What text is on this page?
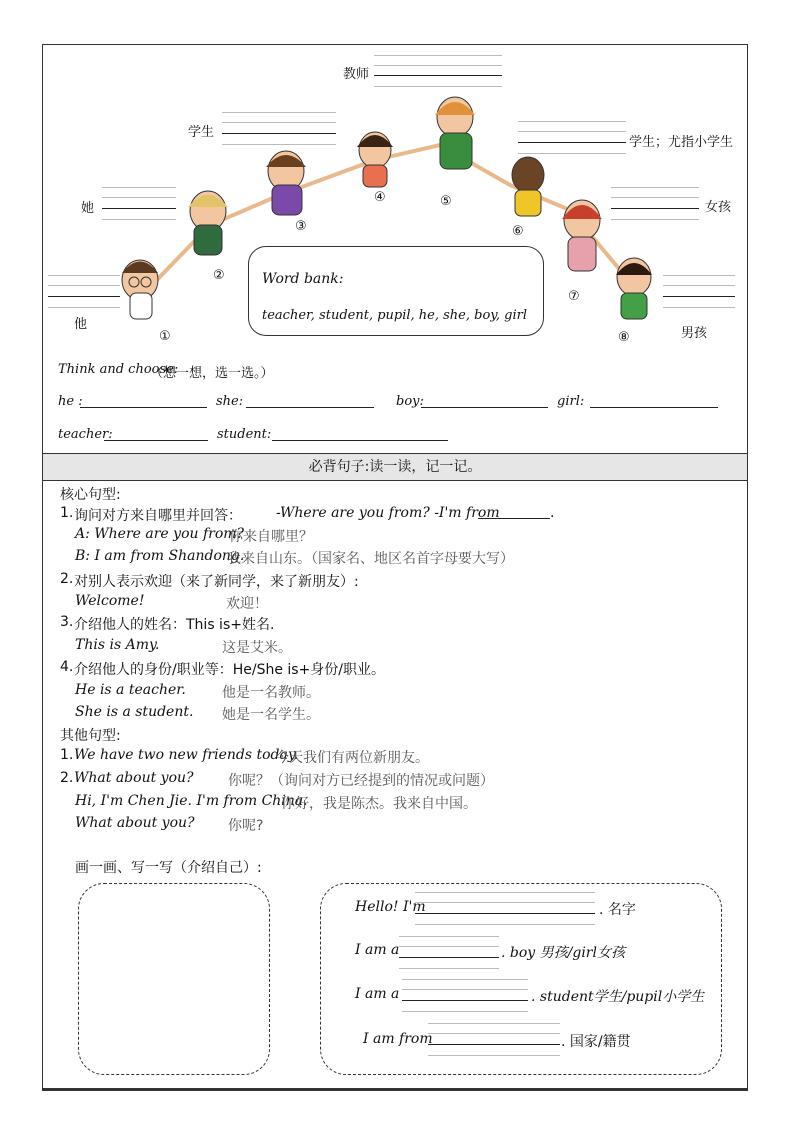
教师
学生
学生；尤指小学生
她	女孩
他
男孩
①
②
③
④	⑤
⑥
⑦
⑧
Word bank:
teacher, student, pupil, he, she, boy, girl
Think and choose:
（想一想，选一选。）
he :	she:	boy:	girl:
teacher:	student:
必背句子:读一读，记一记。
核心句型:
1. 询问对方来自哪里并回答： -Where are you from? -I'm from	.
A: Where are you from?
你来自哪里？
B: I am from Shandong.
我来自山东。（国家名、地区名首字母要大写）
2. 对别人表示欢迎（来了新同学，来了新朋友）:
Welcome!	欢迎！
3. 介绍他人的姓名：This is+姓名.
This is Amy.	这是艾米。
4. 介绍他人的身份/职业等：He/She is+身份/职业。
He is a teacher.	他是一名教师。
She is a student. 她是一名学生。
其他句型:
1. We have two new friends today.
今天我们有两位新朋友。
2. What about you? 你呢？（询问对方已经提到的情况或问题）
Hi, I'm Chen Jie. I'm from China.
你好，我是陈杰。我来自中国。
What about you? 你呢?
画一画、写一写（介绍自己）:
Hello! I'm	. 名字
I am a	. boy 男孩/girl女孩
I am a	. student学生/pupil小学生
I am from	. 国家/籍贯
